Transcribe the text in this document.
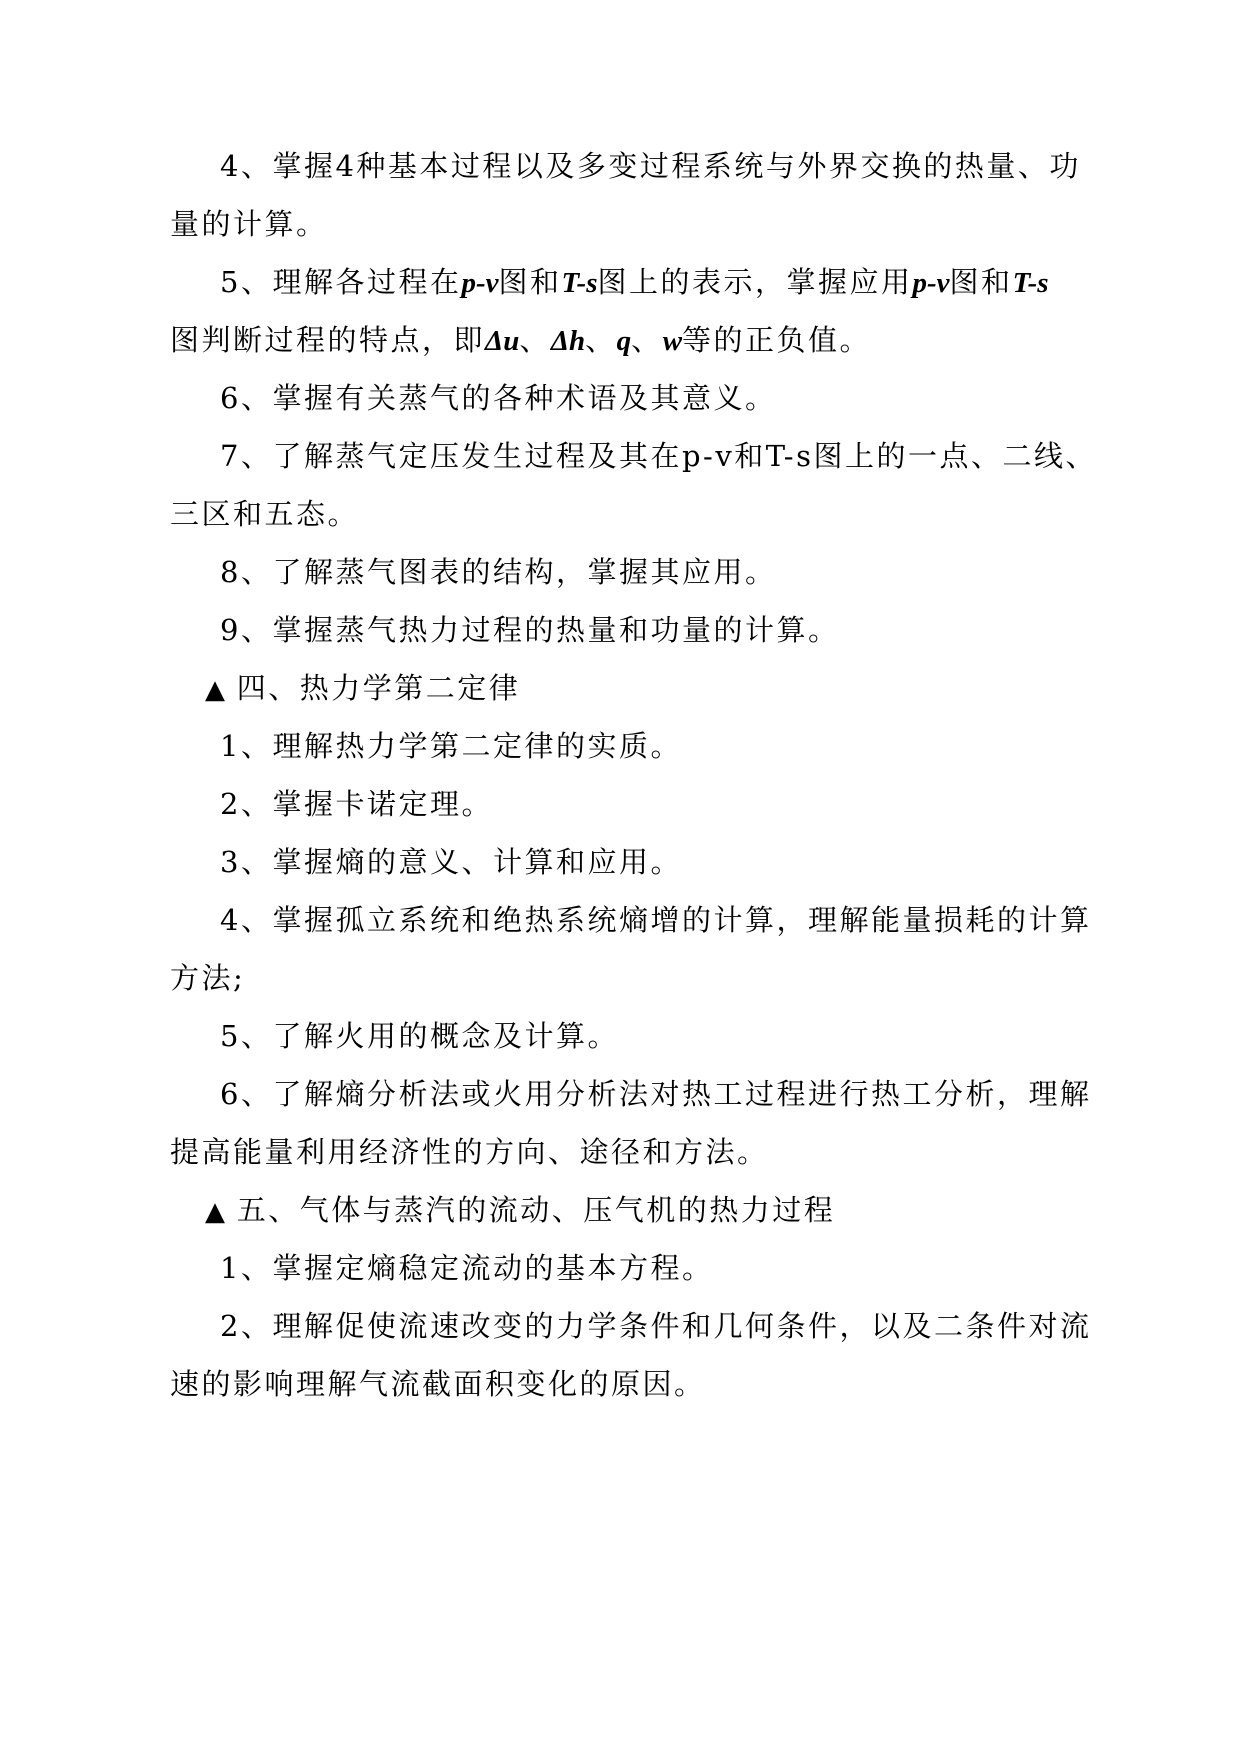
4、掌握4种基本过程以及多变过程系统与外界交换的热量、功
量的计算。
5、理解各过程在p-v图和T-s图上的表示，掌握应用p-v图和T-s
图判断过程的特点，即Δu、Δh、q、w等的正负值。
6、掌握有关蒸气的各种术语及其意义。
7、了解蒸气定压发生过程及其在p-v和T-s图上的一点、二线、
三区和五态。
8、了解蒸气图表的结构，掌握其应用。
9、掌握蒸气热力过程的热量和功量的计算。
▲ 四、热力学第二定律
1、理解热力学第二定律的实质。
2、掌握卡诺定理。
3、掌握熵的意义、计算和应用。
4、掌握孤立系统和绝热系统熵增的计算，理解能量损耗的计算
方法;
5、了解火用的概念及计算。
6、了解熵分析法或火用分析法对热工过程进行热工分析，理解
提高能量利用经济性的方向、途径和方法。
▲ 五、气体与蒸汽的流动、压气机的热力过程
1、掌握定熵稳定流动的基本方程。
2、理解促使流速改变的力学条件和几何条件，以及二条件对流
速的影响理解气流截面积变化的原因。
